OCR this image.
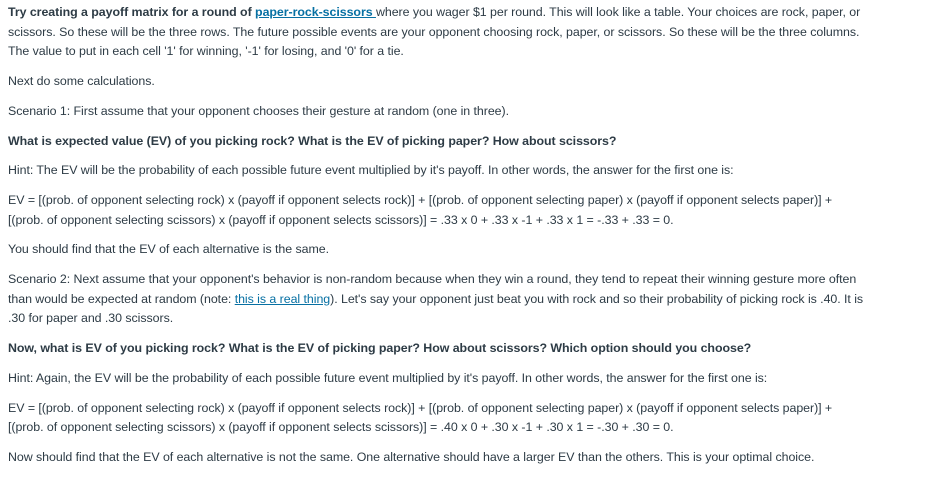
Try creating a payoff matrix for a round of paper-rock-scissors where you wager $1 per round. This will look like a table. Your choices are rock, paper, or
scissors. So these will be the three rows. The future possible events are your opponent choosing rock, paper, or scissors. So these will be the three columns.
The value to put in each cell '1' for winning, '-1' for losing, and '0' for a tie.

Next do some calculations.

Scenario 1: First assume that your opponent chooses their gesture at random (one in three).

What is expected value (EV) of you picking rock? What is the EV of picking paper? How about scissors?

Hint: The EV will be the probability of each possible future event multiplied by it's payoff. In other words, the answer for the first one is:

EV = [(prob. of opponent selecting rock) x (payoff if opponent selects rock)] + [(prob. of opponent selecting paper) x (payoff if opponent selects paper)] +
[(prob. of opponent selecting scissors) x (payoff if opponent selects scissors)] = .33 x 0 + .33 x -1 + .33 x 1 = -.33 + .33 = 0.

You should find that the EV of each alternative is the same.

Scenario 2: Next assume that your opponent's behavior is non-random because when they win a round, they tend to repeat their winning gesture more often
than would be expected at random (note: this is a real thing). Let's say your opponent just beat you with rock and so their probability of picking rock is .40. It is
.30 for paper and .30 scissors.

Now, what is EV of you picking rock? What is the EV of picking paper? How about scissors? Which option should you choose?

Hint: Again, the EV will be the probability of each possible future event multiplied by it's payoff. In other words, the answer for the first one is:

EV = [(prob. of opponent selecting rock) x (payoff if opponent selects rock)] + [(prob. of opponent selecting paper) x (payoff if opponent selects paper)] +
[(prob. of opponent selecting scissors) x (payoff if opponent selects scissors)] = .40 x 0 + .30 x -1 + .30 x 1 = -.30 + .30 = 0.

Now should find that the EV of each alternative is not the same. One alternative should have a larger EV than the others. This is your optimal choice.
